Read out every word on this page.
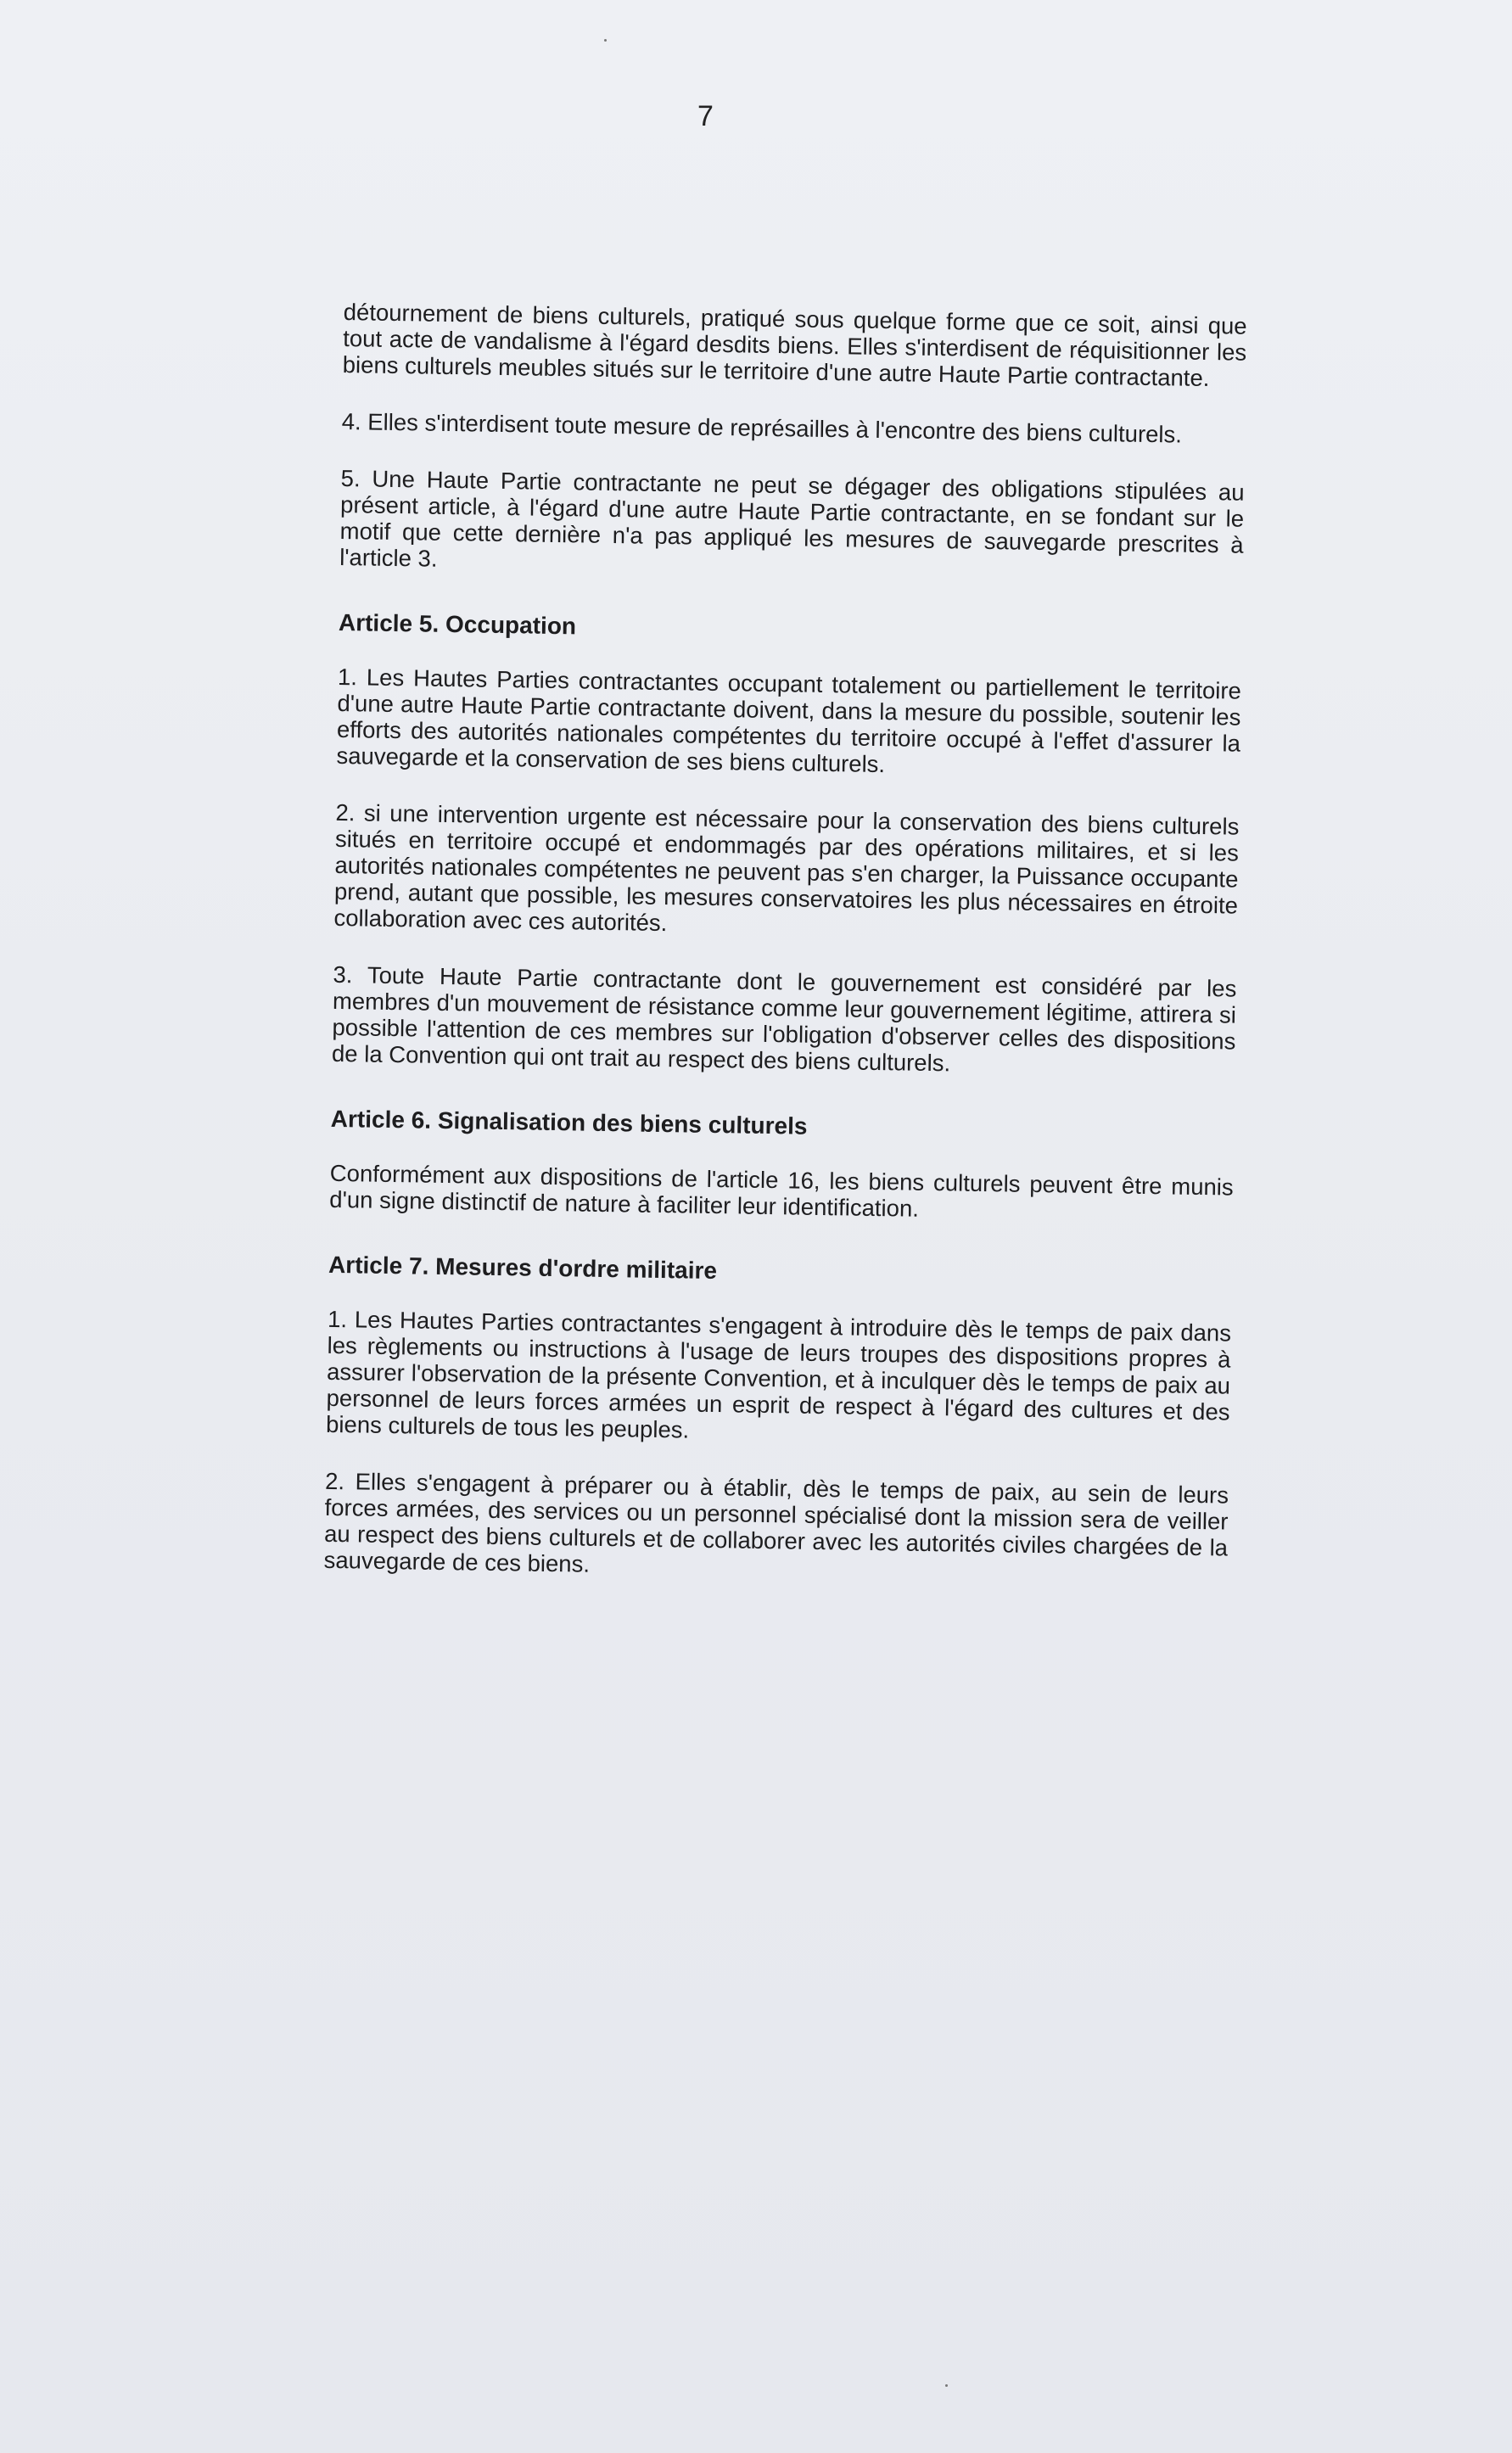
7

détournement de biens culturels, pratiqué sous quelque forme que ce soit, ainsi que tout acte de vandalisme à l'égard desdits biens. Elles s'interdisent de réquisitionner les biens culturels meubles situés sur le territoire d'une autre Haute Partie contractante.

4. Elles s'interdisent toute mesure de représailles à l'encontre des biens culturels.

5. Une Haute Partie contractante ne peut se dégager des obligations stipulées au présent article, à l'égard d'une autre Haute Partie contractante, en se fondant sur le motif que cette dernière n'a pas appliqué les mesures de sauvegarde prescrites à l'article 3.

Article 5. Occupation

1. Les Hautes Parties contractantes occupant totalement ou partiellement le territoire d'une autre Haute Partie contractante doivent, dans la mesure du possible, soutenir les efforts des autorités nationales compétentes du territoire occupé à l'effet d'assurer la sauvegarde et la conservation de ses biens culturels.

2. si une intervention urgente est nécessaire pour la conservation des biens culturels situés en territoire occupé et endommagés par des opérations militaires, et si les autorités nationales compétentes ne peuvent pas s'en charger, la Puissance occupante prend, autant que possible, les mesures conservatoires les plus nécessaires en étroite collaboration avec ces autorités.

3. Toute Haute Partie contractante dont le gouvernement est considéré par les membres d'un mouvement de résistance comme leur gouvernement légitime, attirera si possible l'attention de ces membres sur l'obligation d'observer celles des dispositions de la Convention qui ont trait au respect des biens culturels.

Article 6. Signalisation des biens culturels

Conformément aux dispositions de l'article 16, les biens culturels peuvent être munis d'un signe distinctif de nature à faciliter leur identification.

Article 7. Mesures d'ordre militaire

1. Les Hautes Parties contractantes s'engagent à introduire dès le temps de paix dans les règlements ou instructions à l'usage de leurs troupes des dispositions propres à assurer l'observation de la présente Convention, et à inculquer dès le temps de paix au personnel de leurs forces armées un esprit de respect à l'égard des cultures et des biens culturels de tous les peuples.

2. Elles s'engagent à préparer ou à établir, dès le temps de paix, au sein de leurs forces armées, des services ou un personnel spécialisé dont la mission sera de veiller au respect des biens culturels et de collaborer avec les autorités civiles chargées de la sauvegarde de ces biens.
